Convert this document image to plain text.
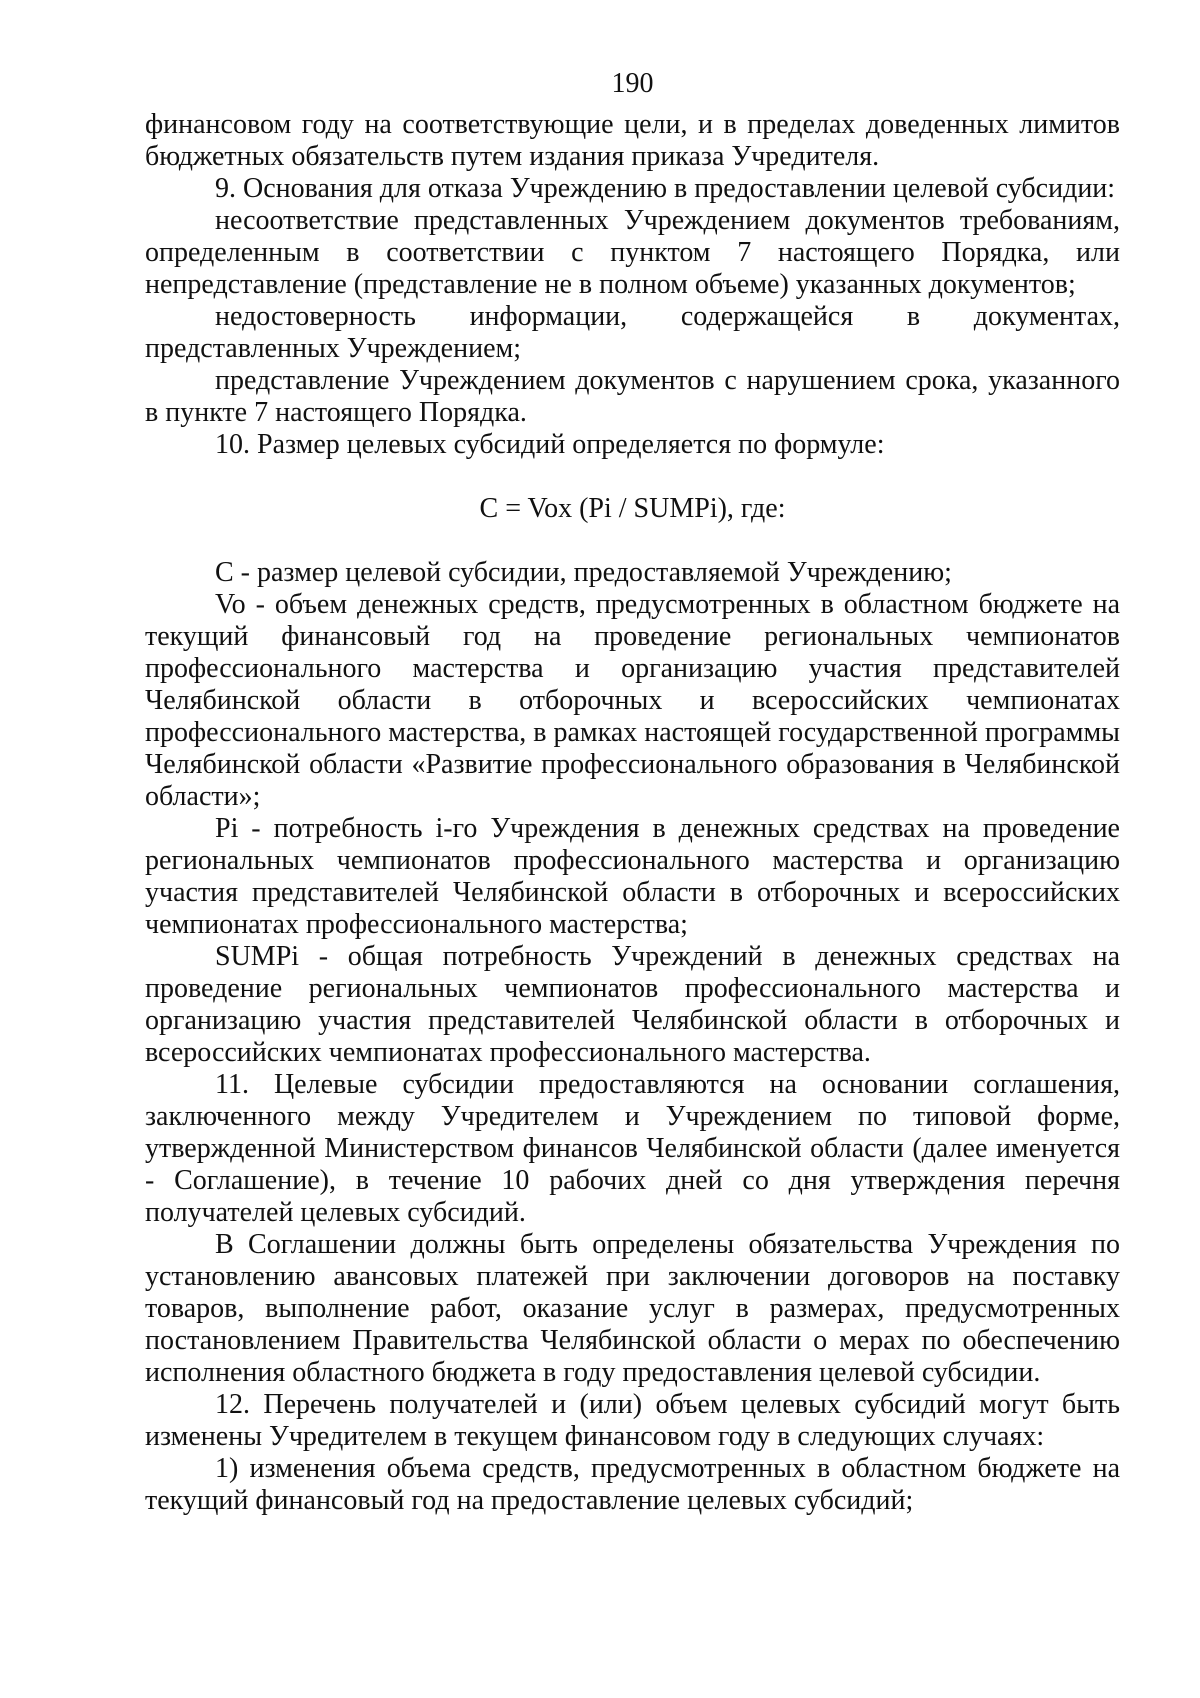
190

финансовом году на соответствующие цели, и в пределах доведенных лимитов бюджетных обязательств путем издания приказа Учредителя.

9. Основания для отказа Учреждению в предоставлении целевой субсидии:

несоответствие представленных Учреждением документов требованиям, определенным в соответствии с пунктом 7 настоящего Порядка, или непредставление (представление не в полном объеме) указанных документов;

недостоверность информации, содержащейся в документах, представленных Учреждением;

представление Учреждением документов с нарушением срока, указанного в пункте 7 настоящего Порядка.

10. Размер целевых субсидий определяется по формуле:

C = Vox (Pi / SUMPi), где:

C - размер целевой субсидии, предоставляемой Учреждению;

Vo - объем денежных средств, предусмотренных в областном бюджете на текущий финансовый год на проведение региональных чемпионатов профессионального мастерства и организацию участия представителей Челябинской области в отборочных и всероссийских чемпионатах профессионального мастерства, в рамках настоящей государственной программы Челябинской области «Развитие профессионального образования в Челябинской области»;

Pi - потребность i-го Учреждения в денежных средствах на проведение региональных чемпионатов профессионального мастерства и организацию участия представителей Челябинской области в отборочных и всероссийских чемпионатах профессионального мастерства;

SUMPi - общая потребность Учреждений в денежных средствах на проведение региональных чемпионатов профессионального мастерства и организацию участия представителей Челябинской области в отборочных и всероссийских чемпионатах профессионального мастерства.

11. Целевые субсидии предоставляются на основании соглашения, заключенного между Учредителем и Учреждением по типовой форме, утвержденной Министерством финансов Челябинской области (далее именуется - Соглашение), в течение 10 рабочих дней со дня утверждения перечня получателей целевых субсидий.

В Соглашении должны быть определены обязательства Учреждения по установлению авансовых платежей при заключении договоров на поставку товаров, выполнение работ, оказание услуг в размерах, предусмотренных постановлением Правительства Челябинской области о мерах по обеспечению исполнения областного бюджета в году предоставления целевой субсидии.

12. Перечень получателей и (или) объем целевых субсидий могут быть изменены Учредителем в текущем финансовом году в следующих случаях:

1) изменения объема средств, предусмотренных в областном бюджете на текущий финансовый год на предоставление целевых субсидий;
